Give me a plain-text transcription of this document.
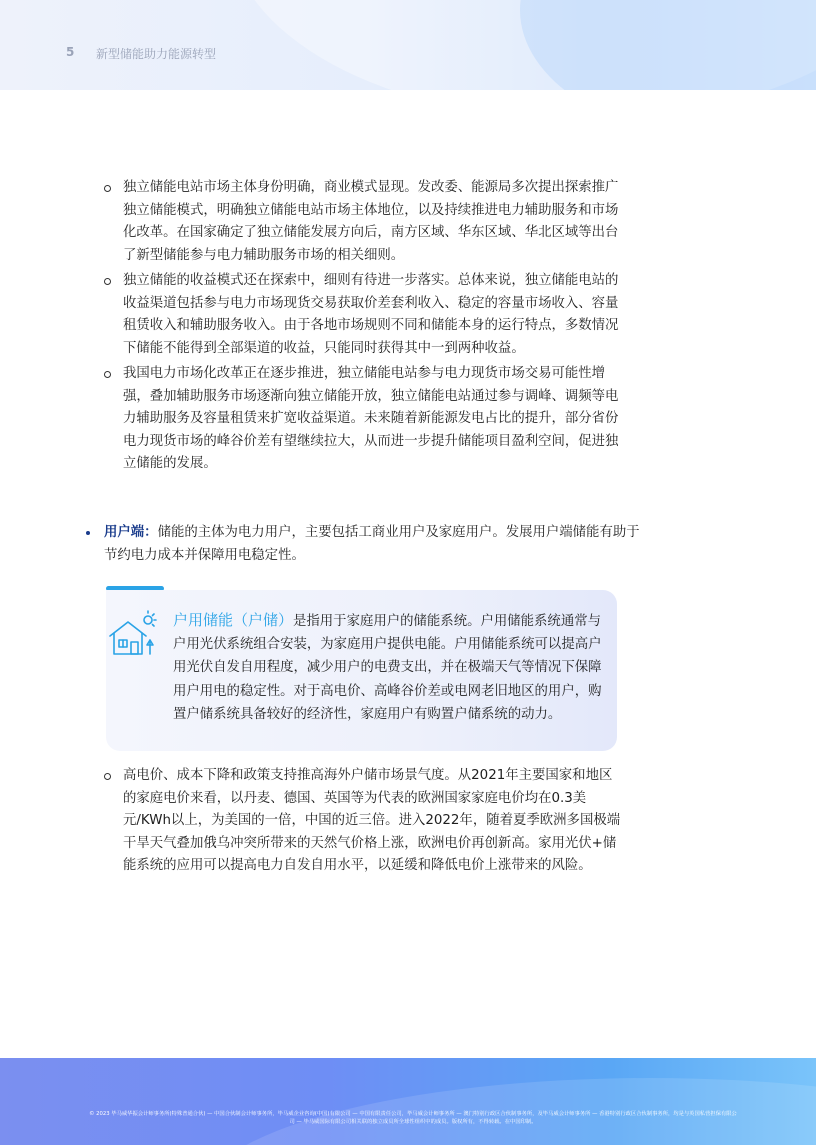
5 新型储能助力能源转型
独立储能电站市场主体身份明确，商业模式显现。发改委、能源局多次提出探索推广独立储能模式，明确独立储能电站市场主体地位，以及持续推进电力辅助服务和市场化改革。在国家确定了独立储能发展方向后，南方区域、华东区域、华北区域等出台了新型储能参与电力辅助服务市场的相关细则。
独立储能的收益模式还在探索中，细则有待进一步落实。总体来说，独立储能电站的收益渠道包括参与电力市场现货交易获取价差套利收入、稳定的容量市场收入、容量租赁收入和辅助服务收入。由于各地市场规则不同和储能本身的运行特点，多数情况下储能不能得到全部渠道的收益，只能同时获得其中一到两种收益。
我国电力市场化改革正在逐步推进，独立储能电站参与电力现货市场交易可能性增强，叠加辅助服务市场逐渐向独立储能开放，独立储能电站通过参与调峰、调频等电力辅助服务及容量租赁来扩宽收益渠道。未来随着新能源发电占比的提升，部分省份电力现货市场的峰谷价差有望继续拉大，从而进一步提升储能项目盈利空间，促进独立储能的发展。
用户端：储能的主体为电力用户，主要包括工商业用户及家庭用户。发展用户端储能有助于节约电力成本并保障用电稳定性。
户用储能（户储）是指用于家庭用户的储能系统。户用储能系统通常与户用光伏系统组合安装，为家庭用户提供电能。户用储能系统可以提高户用光伏自发自用程度，减少用户的电费支出，并在极端天气等情况下保障用户用电的稳定性。对于高电价、高峰谷价差或电网老旧地区的用户，购置户储系统具备较好的经济性，家庭用户有购置户储系统的动力。
高电价、成本下降和政策支持推高海外户储市场景气度。从2021年主要国家和地区的家庭电价来看，以丹麦、德国、英国等为代表的欧洲国家家庭电价均在0.3美元/KWh以上，为美国的一倍，中国的近三倍。进入2022年，随着夏季欧洲多国极端干旱天气叠加俄乌冲突所带来的天然气价格上涨，欧洲电价再创新高。家用光伏+储能系统的应用可以提高电力自发自用水平，以延缓和降低电价上涨带来的风险。
© 2023 毕马威华振会计师事务所(特殊普通合伙) — 中国合伙制会计师事务所，毕马威企业咨询(中国)有限公司 — 中国有限责任公司，毕马威会计师事务所 — 澳门特别行政区合伙制事务所，及毕马威会计师事务所 — 香港特别行政区合伙制事务所，均是与英国私营担保有限公司 — 毕马威国际有限公司相关联的独立成员所全球性组织中的成员。版权所有，不得转载。在中国印制。
